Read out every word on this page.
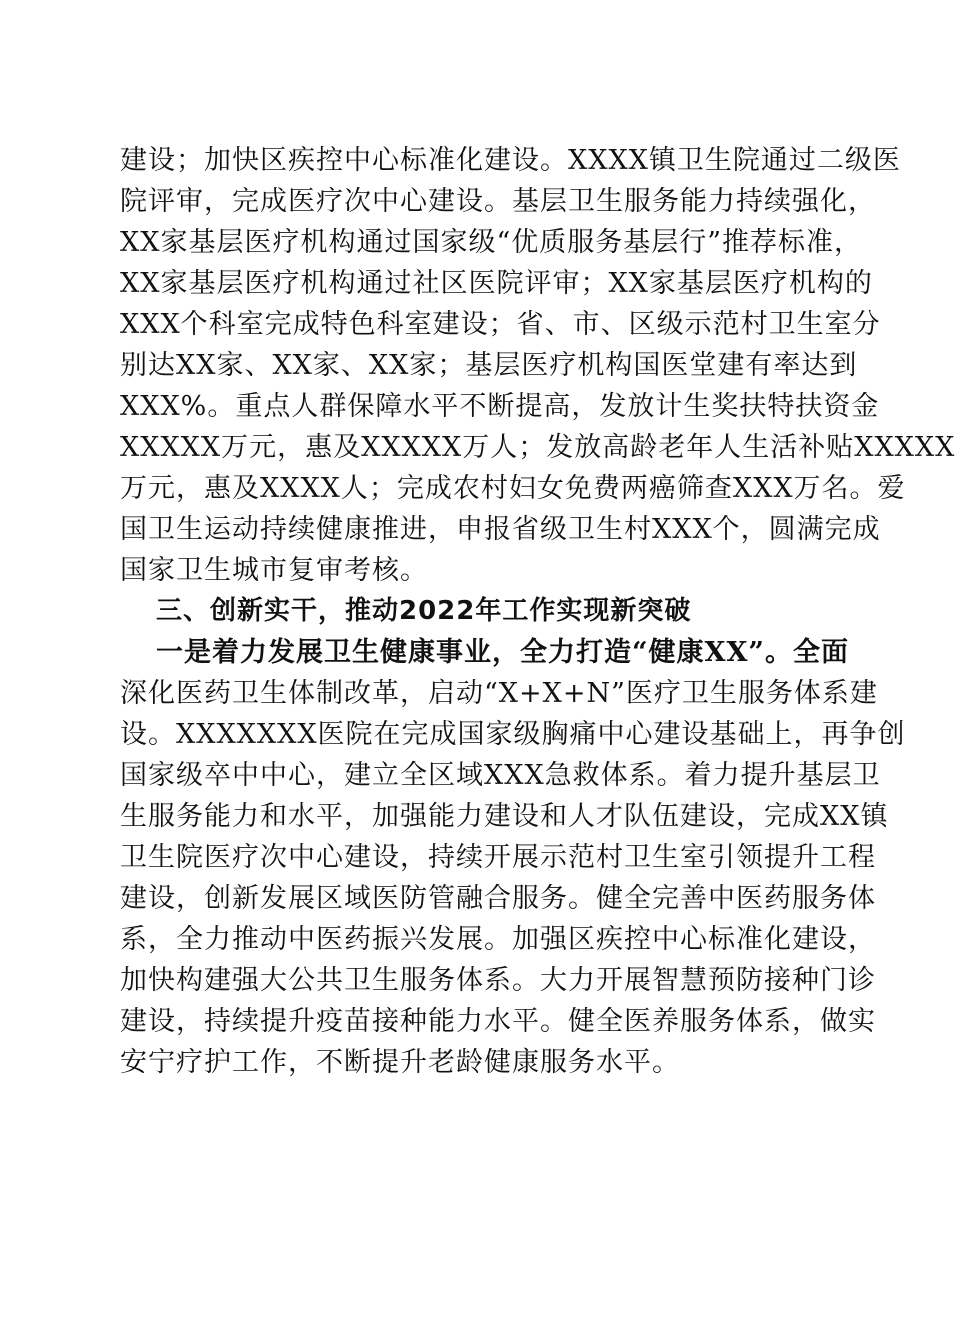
建设；加快区疾控中心标准化建设。XXXX镇卫生院通过二级医
院评审，完成医疗次中心建设。基层卫生服务能力持续强化，
XX家基层医疗机构通过国家级“优质服务基层行”推荐标准，
XX家基层医疗机构通过社区医院评审；XX家基层医疗机构的
XXX个科室完成特色科室建设；省、市、区级示范村卫生室分
别达XX家、XX家、XX家；基层医疗机构国医堂建有率达到
XXX%。重点人群保障水平不断提高，发放计生奖扶特扶资金
XXXXX万元，惠及XXXXX万人；发放高龄老年人生活补贴XXXXX
万元，惠及XXXX人；完成农村妇女免费两癌筛查XXX万名。爱
国卫生运动持续健康推进，申报省级卫生村XXX个，圆满完成
国家卫生城市复审考核。
三、创新实干，推动2022年工作实现新突破
一是着力发展卫生健康事业，全力打造“健康XX”。全面
深化医药卫生体制改革，启动“X+X+N”医疗卫生服务体系建
设。XXXXXXX医院在完成国家级胸痛中心建设基础上，再争创
国家级卒中中心，建立全区域XXX急救体系。着力提升基层卫
生服务能力和水平，加强能力建设和人才队伍建设，完成XX镇
卫生院医疗次中心建设，持续开展示范村卫生室引领提升工程
建设，创新发展区域医防管融合服务。健全完善中医药服务体
系，全力推动中医药振兴发展。加强区疾控中心标准化建设，
加快构建强大公共卫生服务体系。大力开展智慧预防接种门诊
建设，持续提升疫苗接种能力水平。健全医养服务体系，做实
安宁疗护工作，不断提升老龄健康服务水平。
